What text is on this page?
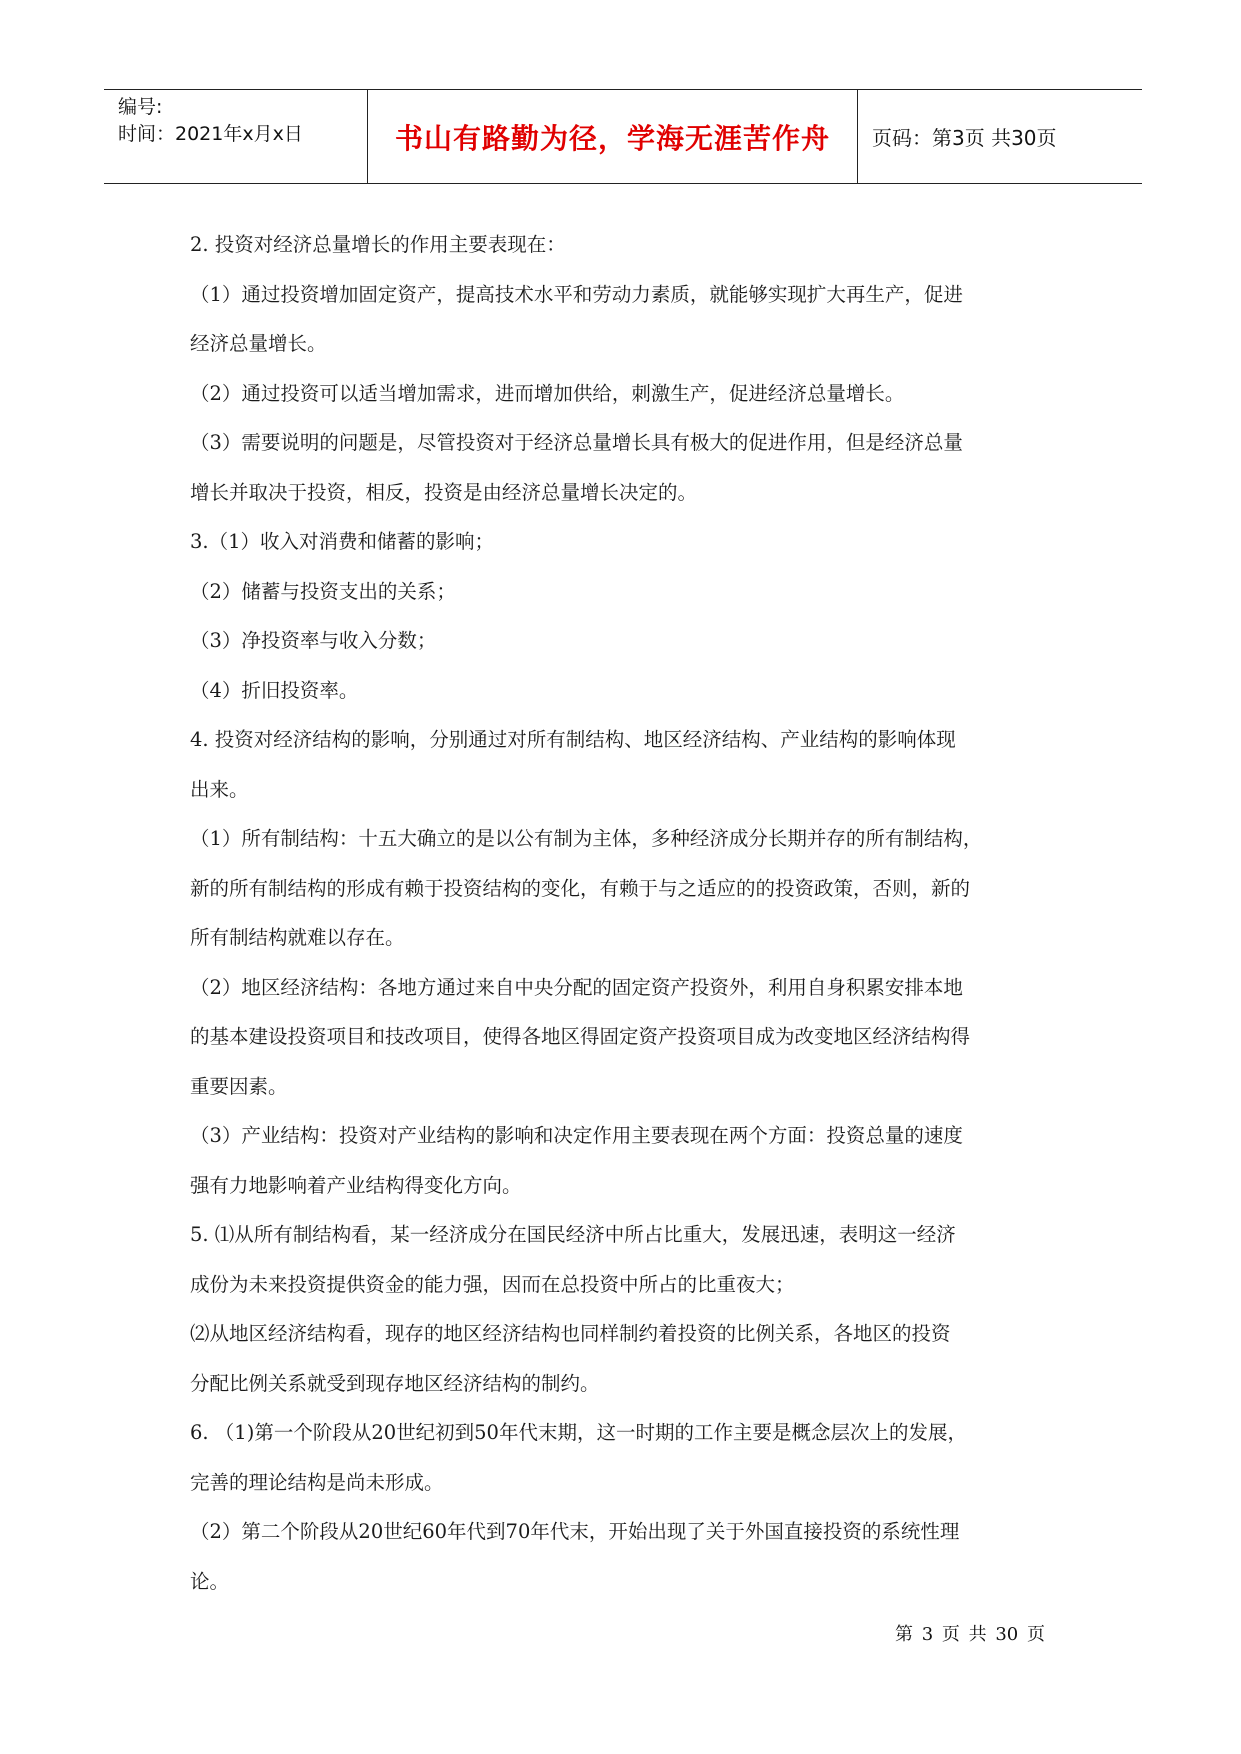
编号:
时间：2021年x月x日	书山有路勤为径，学海无涯苦作舟	页码：第3页 共30页

2. 投资对经济总量增长的作用主要表现在：

（1）通过投资增加固定资产，提高技术水平和劳动力素质，就能够实现扩大再生产，促进

经济总量增长。

（2）通过投资可以适当增加需求，进而增加供给，刺激生产，促进经济总量增长。

（3）需要说明的问题是，尽管投资对于经济总量增长具有极大的促进作用，但是经济总量

增长并取决于投资，相反，投资是由经济总量增长决定的。

3.（1）收入对消费和储蓄的影响；

（2）储蓄与投资支出的关系；

（3）净投资率与收入分数；

（4）折旧投资率。

4. 投资对经济结构的影响，分别通过对所有制结构、地区经济结构、产业结构的影响体现

出来。

（1）所有制结构：十五大确立的是以公有制为主体，多种经济成分长期并存的所有制结构，

新的所有制结构的形成有赖于投资结构的变化，有赖于与之适应的的投资政策，否则，新的

所有制结构就难以存在。

（2）地区经济结构：各地方通过来自中央分配的固定资产投资外，利用自身积累安排本地

的基本建设投资项目和技改项目，使得各地区得固定资产投资项目成为改变地区经济结构得

重要因素。

（3）产业结构：投资对产业结构的影响和决定作用主要表现在两个方面：投资总量的速度

强有力地影响着产业结构得变化方向。

5. ⑴从所有制结构看，某一经济成分在国民经济中所占比重大，发展迅速，表明这一经济

成份为未来投资提供资金的能力强，因而在总投资中所占的比重夜大；

⑵从地区经济结构看，现存的地区经济结构也同样制约着投资的比例关系，各地区的投资

分配比例关系就受到现存地区经济结构的制约。

6. （1)第一个阶段从20世纪初到50年代末期，这一时期的工作主要是概念层次上的发展，

完善的理论结构是尚未形成。

（2）第二个阶段从20世纪60年代到70年代末，开始出现了关于外国直接投资的系统性理

论。

第 3 页 共 30 页
